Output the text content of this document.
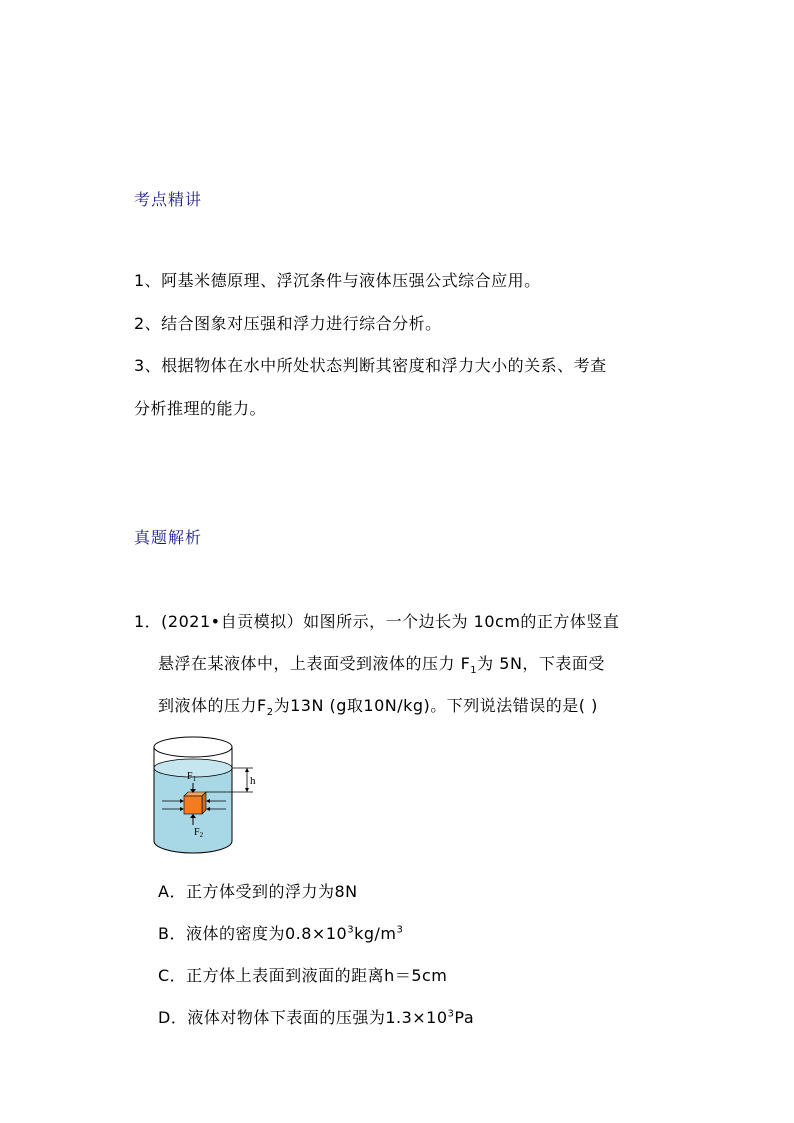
考点精讲
1、阿基米德原理、浮沉条件与液体压强公式综合应用。
2、结合图象对压强和浮力进行综合分析。
3、根据物体在水中所处状态判断其密度和浮力大小的关系、考查
分析推理的能力。
真题解析
1．(2021•自贡模拟）如图所示，一个边长为 10cm的正方体竖直
悬浮在某液体中，上表面受到液体的压力 $F_1$为 5N，下表面受
到液体的压力$F_2$为13N (g取10N/kg)。下列说法错误的是( )
$F_1$
$F_2$
h
A．正方体受到的浮力为8N
B．液体的密度为$0.8\times 10^3kg/m^3$
C．正方体上表面到液面的距离h＝5cm
D．液体对物体下表面的压强为$1.3\times 10^3Pa$
